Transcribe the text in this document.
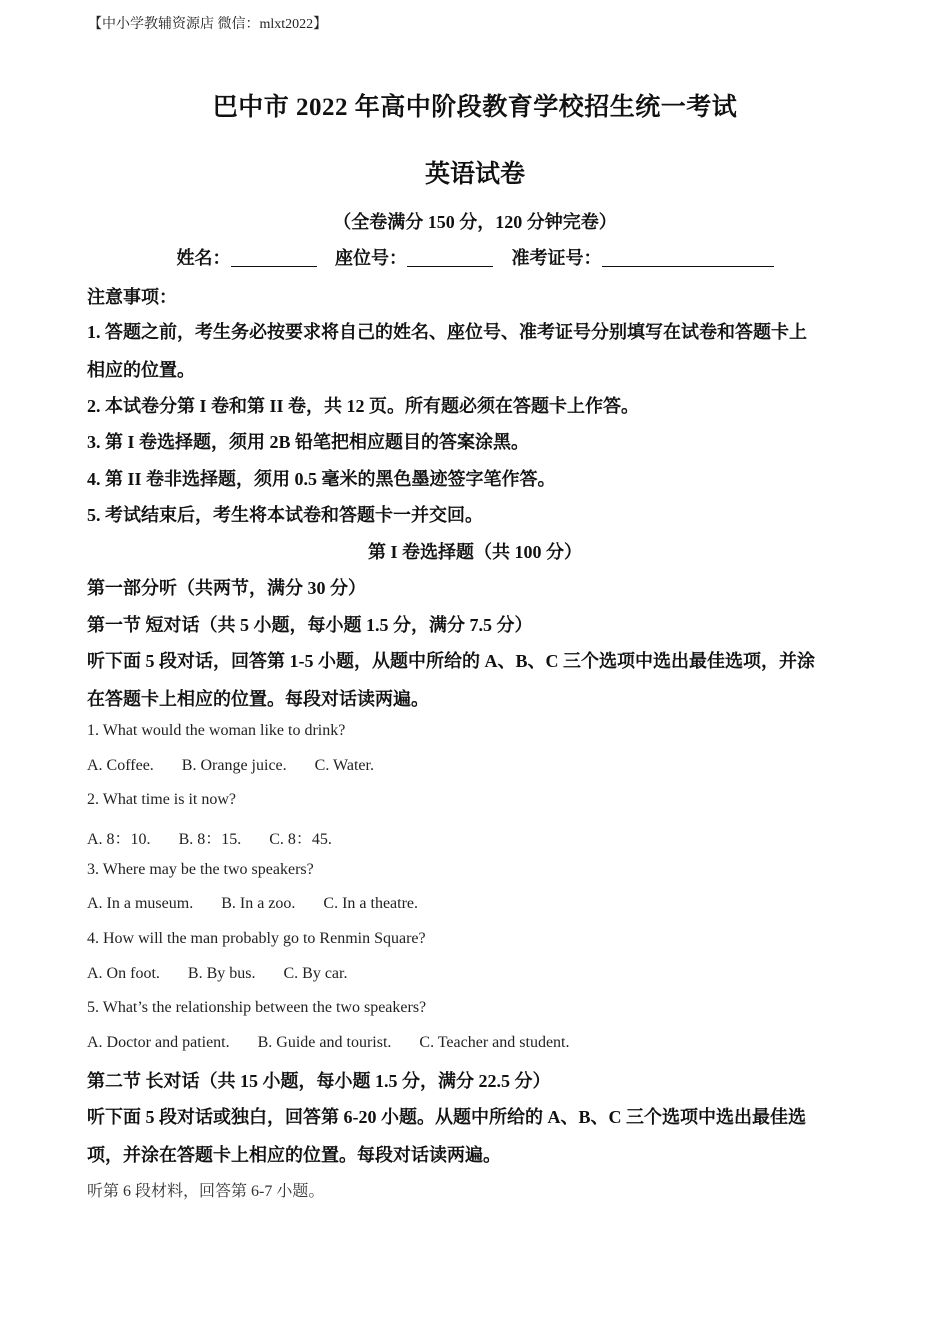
【中小学教辅资源店 微信：mlxt2022】
巴中市 2022 年高中阶段教育学校招生统一考试
英语试卷
（全卷满分 150 分，120 分钟完卷）
姓名：	座位号：	准考证号：
注意事项：
1. 答题之前，考生务必按要求将自己的姓名、座位号、准考证号分别填写在试卷和答题卡上
相应的位置。
2. 本试卷分第 I 卷和第 II 卷，共 12 页。所有题必须在答题卡上作答。
3. 第 I 卷选择题，须用 2B 铅笔把相应题目的答案涂黑。
4. 第 II 卷非选择题，须用 0.5 毫米的黑色墨迹签字笔作答。
5. 考试结束后，考生将本试卷和答题卡一并交回。
第 I 卷选择题（共 100 分）
第一部分听（共两节，满分 30 分）
第一节 短对话（共 5 小题，每小题 1.5 分，满分 7.5 分）
听下面 5 段对话，回答第 1-5 小题，从题中所给的 A、B、C 三个选项中选出最佳选项，并涂
在答题卡上相应的位置。每段对话读两遍。
1. What would the woman like to drink?
A. Coffee. B. Orange juice. C. Water.
2. What time is it now?
A. 8：10. B. 8：15. C. 8：45.
3. Where may be the two speakers?
A. In a museum. B. In a zoo. C. In a theatre.
4. How will the man probably go to Renmin Square?
A. On foot. B. By bus. C. By car.
5. What’s the relationship between the two speakers?
A. Doctor and patient. B. Guide and tourist. C. Teacher and student.
第二节 长对话（共 15 小题，每小题 1.5 分，满分 22.5 分）
听下面 5 段对话或独白，回答第 6-20 小题。从题中所给的 A、B、C 三个选项中选出最佳选
项，并涂在答题卡上相应的位置。每段对话读两遍。
听第 6 段材料，回答第 6-7 小题。
